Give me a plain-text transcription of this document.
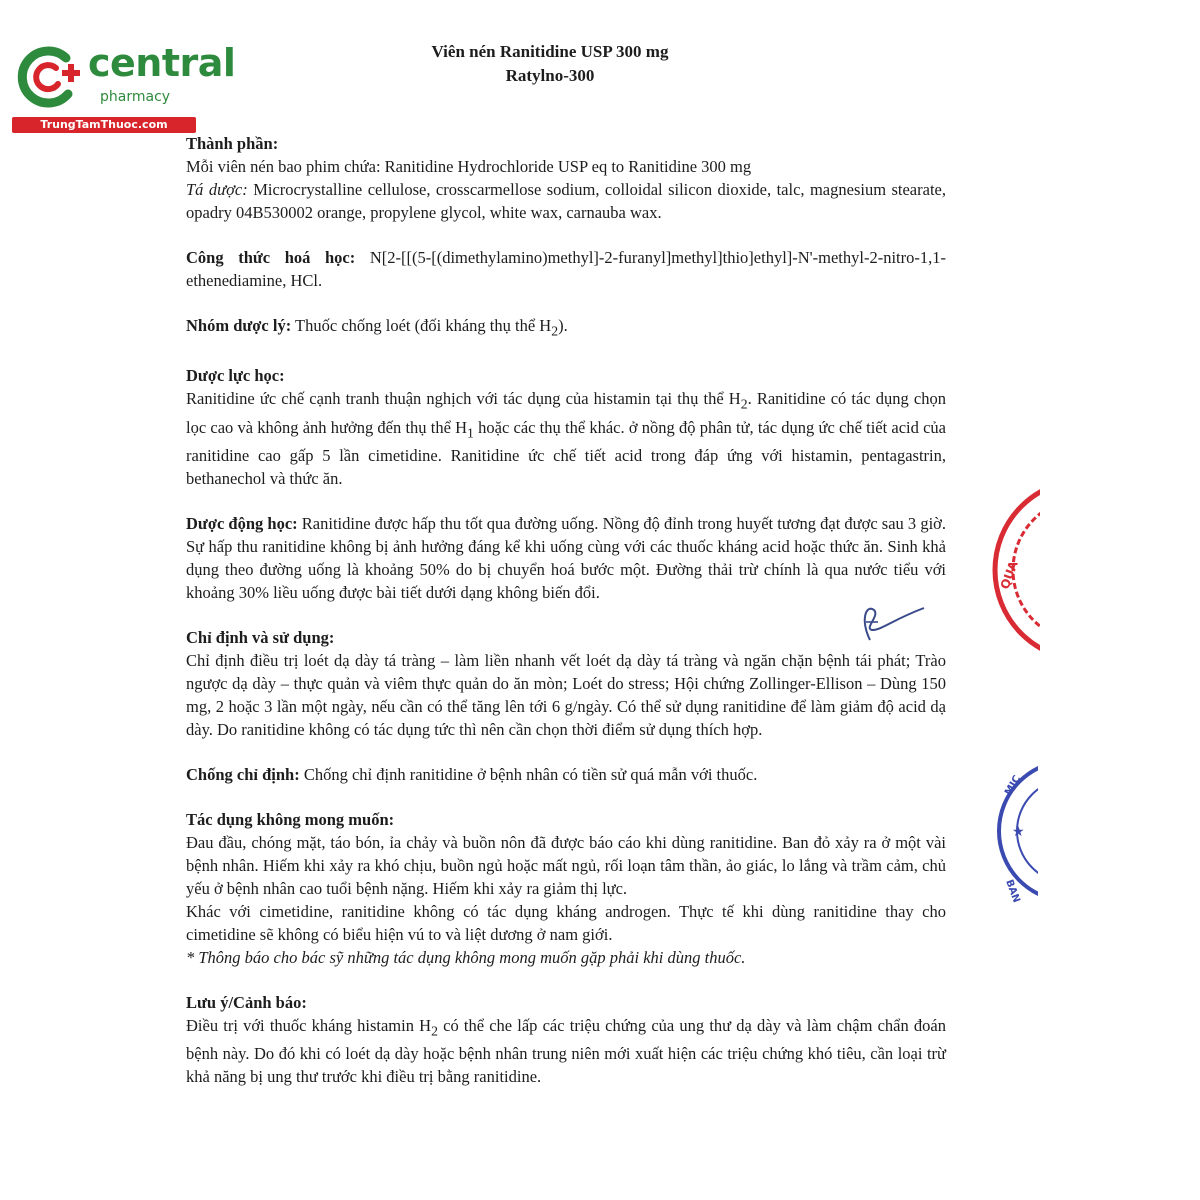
central
pharmacy
TrungTamThuoc.com
Viên nén Ranitidine USP 300 mg
Ratylno-300
Thành phần:
Mỗi viên nén bao phim chứa: Ranitidine Hydrochloride USP eq to Ranitidine 300 mg
Tá dược: Microcrystalline cellulose, crosscarmellose sodium, colloidal silicon dioxide, talc, magnesium stearate, opadry 04B530002 orange, propylene glycol, white wax, carnauba wax.
Công thức hoá học: N[2-[[(5-[(dimethylamino)methyl]-2-furanyl]methyl]thio]ethyl]-N'-methyl-2-nitro-1,1-ethenediamine, HCl.
Nhóm dược lý: Thuốc chống loét (đối kháng thụ thể $H_2$).
Dược lực học:
Ranitidine ức chế cạnh tranh thuận nghịch với tác dụng của histamin tại thụ thể $H_2$. Ranitidine có tác dụng chọn lọc cao và không ảnh hưởng đến thụ thể $H_1$ hoặc các thụ thể khác. ở nồng độ phân tử, tác dụng ức chế tiết acid của ranitidine cao gấp 5 lần cimetidine. Ranitidine ức chế tiết acid trong đáp ứng với histamin, pentagastrin, bethanechol và thức ăn.
Dược động học: Ranitidine được hấp thu tốt qua đường uống. Nồng độ đỉnh trong huyết tương đạt được sau 3 giờ. Sự hấp thu ranitidine không bị ảnh hưởng đáng kể khi uống cùng với các thuốc kháng acid hoặc thức ăn. Sinh khả dụng theo đường uống là khoảng 50% do bị chuyển hoá bước một. Đường thải trừ chính là qua nước tiểu với khoảng 30% liều uống được bài tiết dưới dạng không biến đổi.
Chỉ định và sử dụng:
Chỉ định điều trị loét dạ dày tá tràng – làm liền nhanh vết loét dạ dày tá tràng và ngăn chặn bệnh tái phát; Trào ngược dạ dày – thực quản và viêm thực quản do ăn mòn; Loét do stress; Hội chứng Zollinger-Ellison – Dùng 150 mg, 2 hoặc 3 lần một ngày, nếu cần có thể tăng lên tới 6 g/ngày. Có thể sử dụng ranitidine để làm giảm độ acid dạ dày. Do ranitidine không có tác dụng tức thì nên cần chọn thời điểm sử dụng thích hợp.
Chống chỉ định: Chống chỉ định ranitidine ở bệnh nhân có tiền sử quá mẫn với thuốc.
Tác dụng không mong muốn:
Đau đầu, chóng mặt, táo bón, ỉa chảy và buồn nôn đã được báo cáo khi dùng ranitidine. Ban đỏ xảy ra ở một vài bệnh nhân. Hiếm khi xảy ra khó chịu, buồn ngủ hoặc mất ngủ, rối loạn tâm thần, ảo giác, lo lắng và trầm cảm, chủ yếu ở bệnh nhân cao tuổi bệnh nặng. Hiếm khi xảy ra giảm thị lực.
Khác với cimetidine, ranitidine không có tác dụng kháng androgen. Thực tế khi dùng ranitidine thay cho cimetidine sẽ không có biểu hiện vú to và liệt dương ở nam giới.
* Thông báo cho bác sỹ những tác dụng không mong muốn gặp phải khi dùng thuốc.
Lưu ý/Cảnh báo:
Điều trị với thuốc kháng histamin $H_2$ có thể che lấp các triệu chứng của ung thư dạ dày và làm chậm chẩn đoán bệnh này. Do đó khi có loét dạ dày hoặc bệnh nhân trung niên mới xuất hiện các triệu chứng khó tiêu, cần loại trừ khả năng bị ung thư trước khi điều trị bằng ranitidine.
QUA
★
MIC
BAN
